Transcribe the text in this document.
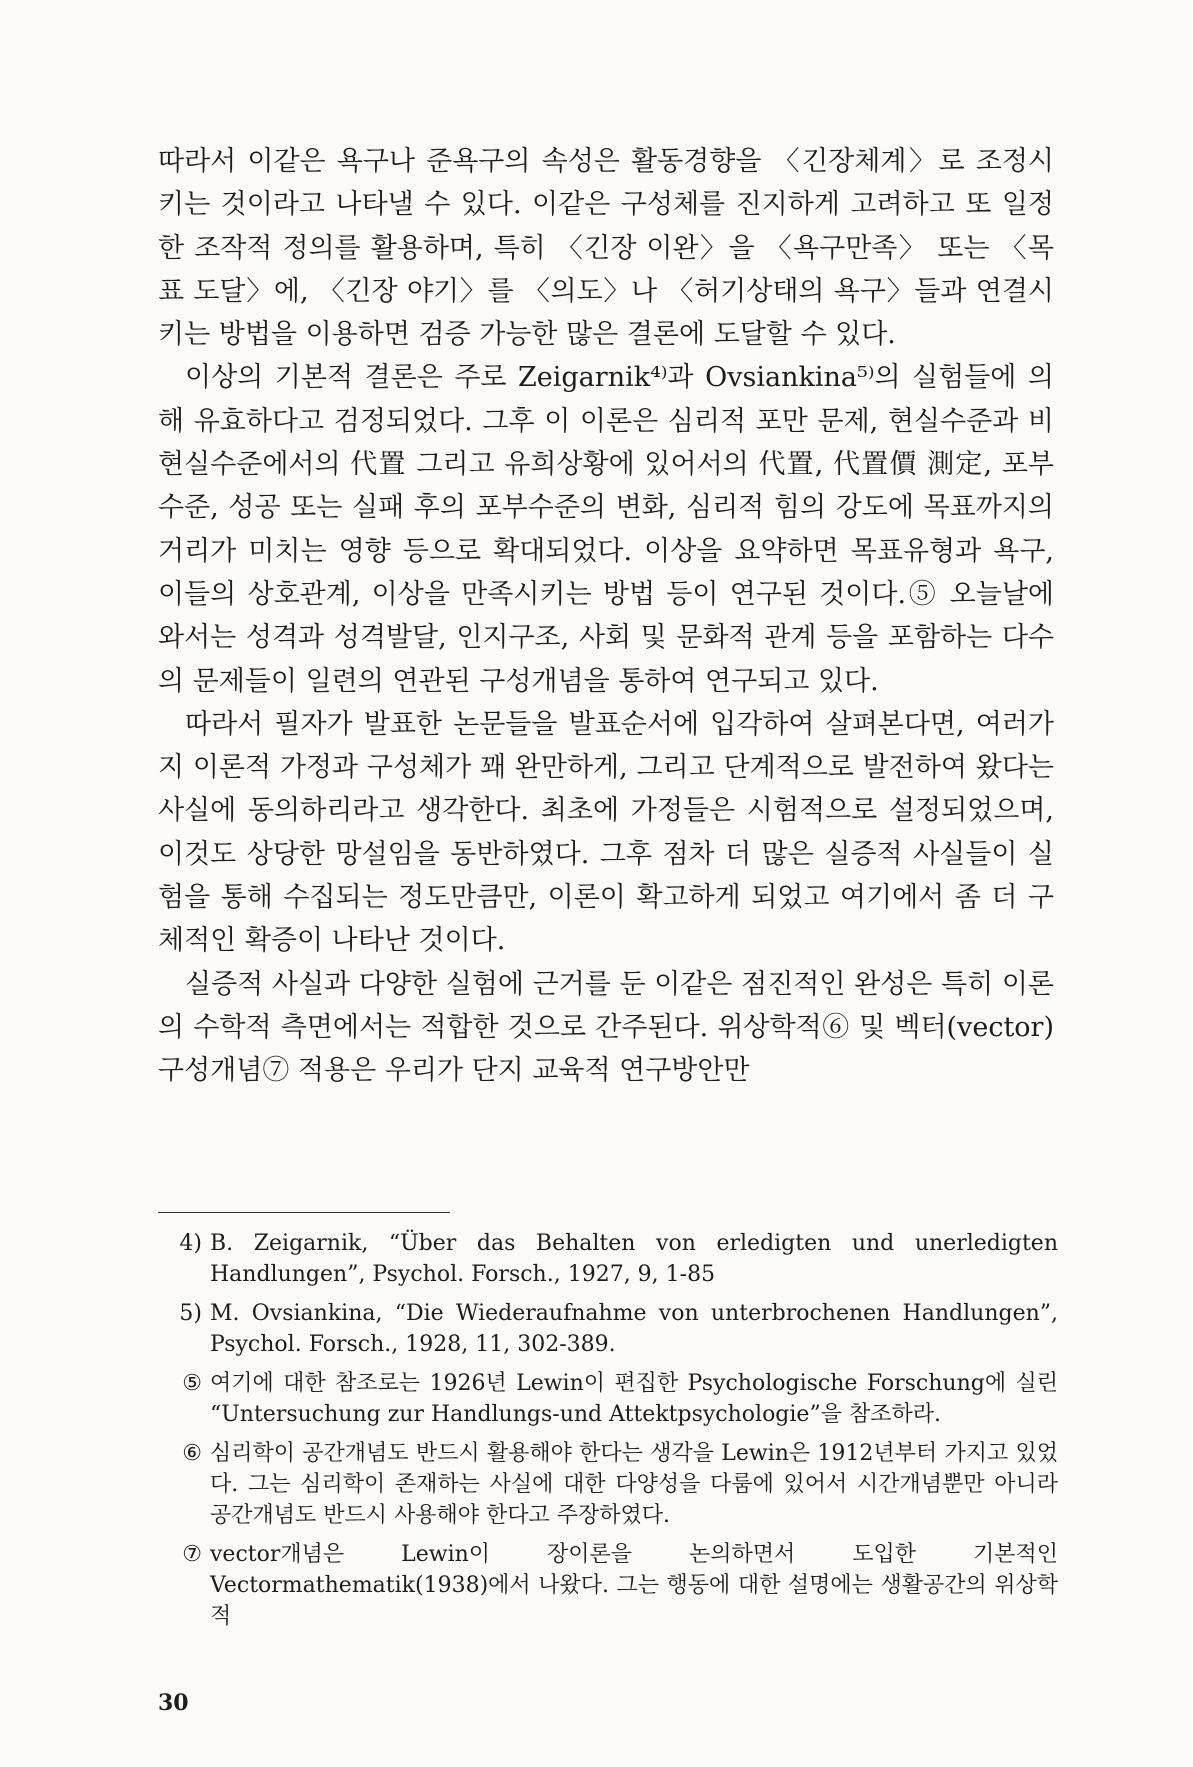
따라서 이같은 욕구나 준욕구의 속성은 활동경향을 〈긴장체계〉로 조정시키는 것이라고 나타낼 수 있다. 이같은 구성체를 진지하게 고려하고 또 일정한 조작적 정의를 활용하며, 특히 〈긴장 이완〉을 〈욕구만족〉 또는 〈목표 도달〉에, 〈긴장 야기〉를 〈의도〉나 〈허기상태의 욕구〉들과 연결시키는 방법을 이용하면 검증 가능한 많은 결론에 도달할 수 있다.

이상의 기본적 결론은 주로 Zeigarnik⁴⁾과 Ovsiankina⁵⁾의 실험들에 의해 유효하다고 검정되었다. 그후 이 이론은 심리적 포만 문제, 현실수준과 비현실수준에서의 代置 그리고 유희상황에 있어서의 代置, 代置價 測定, 포부수준, 성공 또는 실패 후의 포부수준의 변화, 심리적 힘의 강도에 목표까지의 거리가 미치는 영향 등으로 확대되었다. 이상을 요약하면 목표유형과 욕구, 이들의 상호관계, 이상을 만족시키는 방법 등이 연구된 것이다.⑤ 오늘날에 와서는 성격과 성격발달, 인지구조, 사회 및 문화적 관계 등을 포함하는 다수의 문제들이 일련의 연관된 구성개념을 통하여 연구되고 있다.

따라서 필자가 발표한 논문들을 발표순서에 입각하여 살펴본다면, 여러가지 이론적 가정과 구성체가 꽤 완만하게, 그리고 단계적으로 발전하여 왔다는 사실에 동의하리라고 생각한다. 최초에 가정들은 시험적으로 설정되었으며, 이것도 상당한 망설임을 동반하였다. 그후 점차 더 많은 실증적 사실들이 실험을 통해 수집되는 정도만큼만, 이론이 확고하게 되었고 여기에서 좀 더 구체적인 확증이 나타난 것이다.

실증적 사실과 다양한 실험에 근거를 둔 이같은 점진적인 완성은 특히 이론의 수학적 측면에서는 적합한 것으로 간주된다. 위상학적⑥ 및 벡터(vector) 구성개념⑦ 적용은 우리가 단지 교육적 연구방안만

4) B. Zeigarnik, “Über das Behalten von erledigten und unerledigten Handlungen”, Psychol. Forsch., 1927, 9, 1-85
5) M. Ovsiankina, “Die Wiederaufnahme von unterbrochenen Handlungen”, Psychol. Forsch., 1928, 11, 302-389.
⑤ 여기에 대한 참조로는 1926년 Lewin이 편집한 Psychologische Forschung에 실린 “Untersuchung zur Handlungs-und Attektpsychologie”을 참조하라.
⑥ 심리학이 공간개념도 반드시 활용해야 한다는 생각을 Lewin은 1912년부터 가지고 있었다. 그는 심리학이 존재하는 사실에 대한 다양성을 다룸에 있어서 시간개념뿐만 아니라 공간개념도 반드시 사용해야 한다고 주장하였다.
⑦ vector개념은 Lewin이 장이론을 논의하면서 도입한 기본적인 Vectormathematik(1938)에서 나왔다. 그는 행동에 대한 설명에는 생활공간의 위상학적
30
